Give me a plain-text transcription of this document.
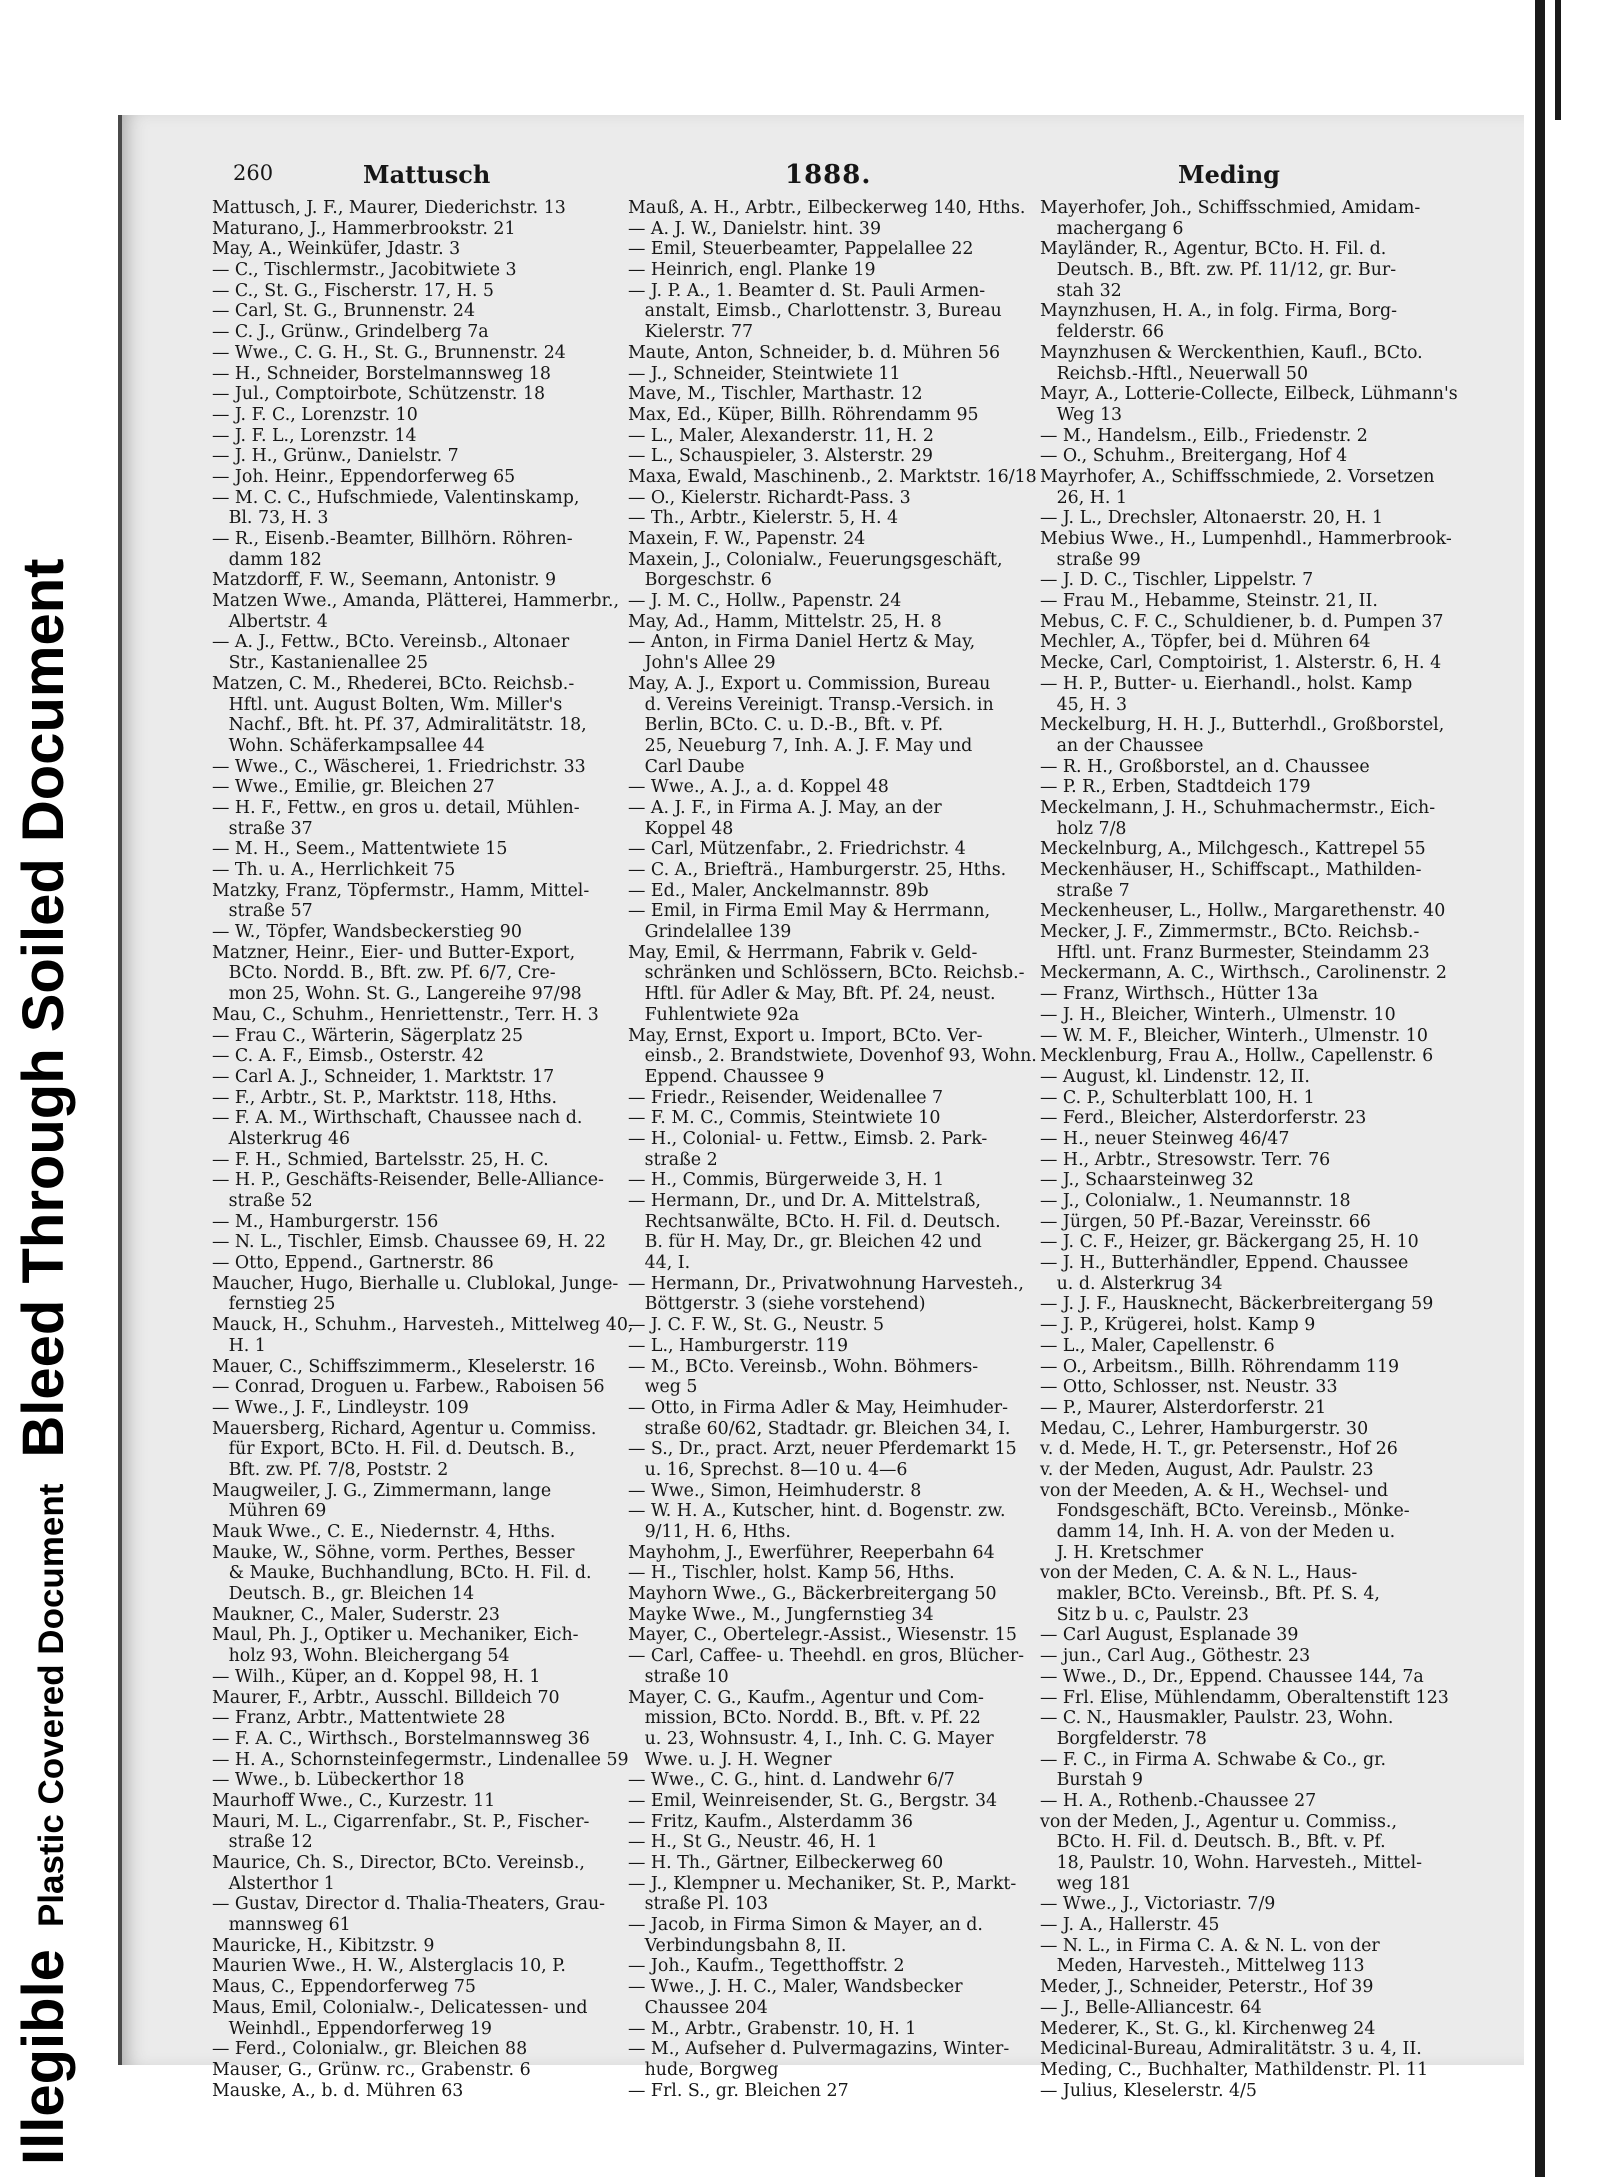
IllegiblePlastic Covered DocumentBleed Through Soiled Document
260	Mattusch	1888.	Meding
Mattusch, J. F., Maurer, Diederichstr. 13
Maturano, J., Hammerbrookstr. 21
May, A., Weinküfer, Jdastr. 3
— C., Tischlermstr., Jacobitwiete 3
— C., St. G., Fischerstr. 17, H. 5
— Carl, St. G., Brunnenstr. 24
— C. J., Grünw., Grindelberg 7a
— Wwe., C. G. H., St. G., Brunnenstr. 24
— H., Schneider, Borstelmannsweg 18
— Jul., Comptoirbote, Schützenstr. 18
— J. F. C., Lorenzstr. 10
— J. F. L., Lorenzstr. 14
— J. H., Grünw., Danielstr. 7
— Joh. Heinr., Eppendorferweg 65
— M. C. C., Hufschmiede, Valentinskamp,
Bl. 73, H. 3
— R., Eisenb.-Beamter, Billhörn. Röhren-
damm 182
Matzdorff, F. W., Seemann, Antonistr. 9
Matzen Wwe., Amanda, Plätterei, Hammerbr.,
Albertstr. 4
— A. J., Fettw., BCto. Vereinsb., Altonaer
Str., Kastanienallee 25
Matzen, C. M., Rhederei, BCto. Reichsb.-
Hftl. unt. August Bolten, Wm. Miller's
Nachf., Bft. ht. Pf. 37, Admiralitätstr. 18,
Wohn. Schäferkampsallee 44
— Wwe., C., Wäscherei, 1. Friedrichstr. 33
— Wwe., Emilie, gr. Bleichen 27
— H. F., Fettw., en gros u. detail, Mühlen-
straße 37
— M. H., Seem., Mattentwiete 15
— Th. u. A., Herrlichkeit 75
Matzky, Franz, Töpfermstr., Hamm, Mittel-
straße 57
— W., Töpfer, Wandsbeckerstieg 90
Matzner, Heinr., Eier- und Butter-Export,
BCto. Nordd. B., Bft. zw. Pf. 6/7, Cre-
mon 25, Wohn. St. G., Langereihe 97/98
Mau, C., Schuhm., Henriettenstr., Terr. H. 3
— Frau C., Wärterin, Sägerplatz 25
— C. A. F., Eimsb., Osterstr. 42
— Carl A. J., Schneider, 1. Marktstr. 17
— F., Arbtr., St. P., Marktstr. 118, Hths.
— F. A. M., Wirthschaft, Chaussee nach d.
Alsterkrug 46
— F. H., Schmied, Bartelsstr. 25, H. C.
— H. P., Geschäfts-Reisender, Belle-Alliance-
straße 52
— M., Hamburgerstr. 156
— N. L., Tischler, Eimsb. Chaussee 69, H. 22
— Otto, Eppend., Gartnerstr. 86
Maucher, Hugo, Bierhalle u. Clublokal, Junge-
fernstieg 25
Mauck, H., Schuhm., Harvesteh., Mittelweg 40,
H. 1
Mauer, C., Schiffszimmerm., Kleselerstr. 16
— Conrad, Droguen u. Farbew., Raboisen 56
— Wwe., J. F., Lindleystr. 109
Mauersberg, Richard, Agentur u. Commiss.
für Export, BCto. H. Fil. d. Deutsch. B.,
Bft. zw. Pf. 7/8, Poststr. 2
Maugweiler, J. G., Zimmermann, lange
Mühren 69
Mauk Wwe., C. E., Niedernstr. 4, Hths.
Mauke, W., Söhne, vorm. Perthes, Besser
& Mauke, Buchhandlung, BCto. H. Fil. d.
Deutsch. B., gr. Bleichen 14
Maukner, C., Maler, Suderstr. 23
Maul, Ph. J., Optiker u. Mechaniker, Eich-
holz 93, Wohn. Bleichergang 54
— Wilh., Küper, an d. Koppel 98, H. 1
Maurer, F., Arbtr., Ausschl. Billdeich 70
— Franz, Arbtr., Mattentwiete 28
— F. A. C., Wirthsch., Borstelmannsweg 36
— H. A., Schornsteinfegermstr., Lindenallee 59
— Wwe., b. Lübeckerthor 18
Maurhoff Wwe., C., Kurzestr. 11
Mauri, M. L., Cigarrenfabr., St. P., Fischer-
straße 12
Maurice, Ch. S., Director, BCto. Vereinsb.,
Alsterthor 1
— Gustav, Director d. Thalia-Theaters, Grau-
mannsweg 61
Mauricke, H., Kibitzstr. 9
Maurien Wwe., H. W., Alsterglacis 10, P.
Maus, C., Eppendorferweg 75
Maus, Emil, Colonialw.-, Delicatessen- und
Weinhdl., Eppendorferweg 19
— Ferd., Colonialw., gr. Bleichen 88
Mauser, G., Grünw. rc., Grabenstr. 6
Mauske, A., b. d. Mühren 63
Mauß, A. H., Arbtr., Eilbeckerweg 140, Hths.
— A. J. W., Danielstr. hint. 39
— Emil, Steuerbeamter, Pappelallee 22
— Heinrich, engl. Planke 19
— J. P. A., 1. Beamter d. St. Pauli Armen-
anstalt, Eimsb., Charlottenstr. 3, Bureau
Kielerstr. 77
Maute, Anton, Schneider, b. d. Mühren 56
— J., Schneider, Steintwiete 11
Mave, M., Tischler, Marthastr. 12
Max, Ed., Küper, Billh. Röhrendamm 95
— L., Maler, Alexanderstr. 11, H. 2
— L., Schauspieler, 3. Alsterstr. 29
Maxa, Ewald, Maschinenb., 2. Marktstr. 16/18
— O., Kielerstr. Richardt-Pass. 3
— Th., Arbtr., Kielerstr. 5, H. 4
Maxein, F. W., Papenstr. 24
Maxein, J., Colonialw., Feuerungsgeschäft,
Borgeschstr. 6
— J. M. C., Hollw., Papenstr. 24
May, Ad., Hamm, Mittelstr. 25, H. 8
— Anton, in Firma Daniel Hertz & May,
John's Allee 29
May, A. J., Export u. Commission, Bureau
d. Vereins Vereinigt. Transp.-Versich. in
Berlin, BCto. C. u. D.-B., Bft. v. Pf.
25, Neueburg 7, Inh. A. J. F. May und
Carl Daube
— Wwe., A. J., a. d. Koppel 48
— A. J. F., in Firma A. J. May, an der
Koppel 48
— Carl, Mützenfabr., 2. Friedrichstr. 4
— C. A., Briefträ., Hamburgerstr. 25, Hths.
— Ed., Maler, Anckelmannstr. 89b
— Emil, in Firma Emil May & Herrmann,
Grindelallee 139
May, Emil, & Herrmann, Fabrik v. Geld-
schränken und Schlössern, BCto. Reichsb.-
Hftl. für Adler & May, Bft. Pf. 24, neust.
Fuhlentwiete 92a
May, Ernst, Export u. Import, BCto. Ver-
einsb., 2. Brandstwiete, Dovenhof 93, Wohn.
Eppend. Chaussee 9
— Friedr., Reisender, Weidenallee 7
— F. M. C., Commis, Steintwiete 10
— H., Colonial- u. Fettw., Eimsb. 2. Park-
straße 2
— H., Commis, Bürgerweide 3, H. 1
— Hermann, Dr., und Dr. A. Mittelstraß,
Rechtsanwälte, BCto. H. Fil. d. Deutsch.
B. für H. May, Dr., gr. Bleichen 42 und
44, I.
— Hermann, Dr., Privatwohnung Harvesteh.,
Böttgerstr. 3 (siehe vorstehend)
— J. C. F. W., St. G., Neustr. 5
— L., Hamburgerstr. 119
— M., BCto. Vereinsb., Wohn. Böhmers-
weg 5
— Otto, in Firma Adler & May, Heimhuder-
straße 60/62, Stadtadr. gr. Bleichen 34, I.
— S., Dr., pract. Arzt, neuer Pferdemarkt 15
u. 16, Sprechst. 8—10 u. 4—6
— Wwe., Simon, Heimhuderstr. 8
— W. H. A., Kutscher, hint. d. Bogenstr. zw.
9/11, H. 6, Hths.
Mayhohm, J., Ewerführer, Reeperbahn 64
— H., Tischler, holst. Kamp 56, Hths.
Mayhorn Wwe., G., Bäckerbreitergang 50
Mayke Wwe., M., Jungfernstieg 34
Mayer, C., Obertelegr.-Assist., Wiesenstr. 15
— Carl, Caffee- u. Theehdl. en gros, Blücher-
straße 10
Mayer, C. G., Kaufm., Agentur und Com-
mission, BCto. Nordd. B., Bft. v. Pf. 22
u. 23, Wohnsustr. 4, I., Inh. C. G. Mayer
Wwe. u. J. H. Wegner
— Wwe., C. G., hint. d. Landwehr 6/7
— Emil, Weinreisender, St. G., Bergstr. 34
— Fritz, Kaufm., Alsterdamm 36
— H., St G., Neustr. 46, H. 1
— H. Th., Gärtner, Eilbeckerweg 60
— J., Klempner u. Mechaniker, St. P., Markt-
straße Pl. 103
— Jacob, in Firma Simon & Mayer, an d.
Verbindungsbahn 8, II.
— Joh., Kaufm., Tegetthoffstr. 2
— Wwe., J. H. C., Maler, Wandsbecker
Chaussee 204
— M., Arbtr., Grabenstr. 10, H. 1
— M., Aufseher d. Pulvermagazins, Winter-
hude, Borgweg
— Frl. S., gr. Bleichen 27
Mayerhofer, Joh., Schiffsschmied, Amidam-
machergang 6
Mayländer, R., Agentur, BCto. H. Fil. d.
Deutsch. B., Bft. zw. Pf. 11/12, gr. Bur-
stah 32
Maynzhusen, H. A., in folg. Firma, Borg-
felderstr. 66
Maynzhusen & Werckenthien, Kaufl., BCto.
Reichsb.-Hftl., Neuerwall 50
Mayr, A., Lotterie-Collecte, Eilbeck, Lühmann's
Weg 13
— M., Handelsm., Eilb., Friedenstr. 2
— O., Schuhm., Breitergang, Hof 4
Mayrhofer, A., Schiffsschmiede, 2. Vorsetzen
26, H. 1
— J. L., Drechsler, Altonaerstr. 20, H. 1
Mebius Wwe., H., Lumpenhdl., Hammerbrook-
straße 99
— J. D. C., Tischler, Lippelstr. 7
— Frau M., Hebamme, Steinstr. 21, II.
Mebus, C. F. C., Schuldiener, b. d. Pumpen 37
Mechler, A., Töpfer, bei d. Mühren 64
Mecke, Carl, Comptoirist, 1. Alsterstr. 6, H. 4
— H. P., Butter- u. Eierhandl., holst. Kamp
45, H. 3
Meckelburg, H. H. J., Butterhdl., Großborstel,
an der Chaussee
— R. H., Großborstel, an d. Chaussee
— P. R., Erben, Stadtdeich 179
Meckelmann, J. H., Schuhmachermstr., Eich-
holz 7/8
Meckelnburg, A., Milchgesch., Kattrepel 55
Meckenhäuser, H., Schiffscapt., Mathilden-
straße 7
Meckenheuser, L., Hollw., Margarethenstr. 40
Mecker, J. F., Zimmermstr., BCto. Reichsb.-
Hftl. unt. Franz Burmester, Steindamm 23
Meckermann, A. C., Wirthsch., Carolinenstr. 2
— Franz, Wirthsch., Hütter 13a
— J. H., Bleicher, Winterh., Ulmenstr. 10
— W. M. F., Bleicher, Winterh., Ulmenstr. 10
Mecklenburg, Frau A., Hollw., Capellenstr. 6
— August, kl. Lindenstr. 12, II.
— C. P., Schulterblatt 100, H. 1
— Ferd., Bleicher, Alsterdorferstr. 23
— H., neuer Steinweg 46/47
— H., Arbtr., Stresowstr. Terr. 76
— J., Schaarsteinweg 32
— J., Colonialw., 1. Neumannstr. 18
— Jürgen, 50 Pf.-Bazar, Vereinsstr. 66
— J. C. F., Heizer, gr. Bäckergang 25, H. 10
— J. H., Butterhändler, Eppend. Chaussee
u. d. Alsterkrug 34
— J. J. F., Hausknecht, Bäckerbreitergang 59
— J. P., Krügerei, holst. Kamp 9
— L., Maler, Capellenstr. 6
— O., Arbeitsm., Billh. Röhrendamm 119
— Otto, Schlosser, nst. Neustr. 33
— P., Maurer, Alsterdorferstr. 21
Medau, C., Lehrer, Hamburgerstr. 30
v. d. Mede, H. T., gr. Petersenstr., Hof 26
v. der Meden, August, Adr. Paulstr. 23
von der Meeden, A. & H., Wechsel- und
Fondsgeschäft, BCto. Vereinsb., Mönke-
damm 14, Inh. H. A. von der Meden u.
J. H. Kretschmer
von der Meden, C. A. & N. L., Haus-
makler, BCto. Vereinsb., Bft. Pf. S. 4,
Sitz b u. c, Paulstr. 23
— Carl August, Esplanade 39
— jun., Carl Aug., Göthestr. 23
— Wwe., D., Dr., Eppend. Chaussee 144, 7a
— Frl. Elise, Mühlendamm, Oberaltenstift 123
— C. N., Hausmakler, Paulstr. 23, Wohn.
Borgfelderstr. 78
— F. C., in Firma A. Schwabe & Co., gr.
Burstah 9
— H. A., Rothenb.-Chaussee 27
von der Meden, J., Agentur u. Commiss.,
BCto. H. Fil. d. Deutsch. B., Bft. v. Pf.
18, Paulstr. 10, Wohn. Harvesteh., Mittel-
weg 181
— Wwe., J., Victoriastr. 7/9
— J. A., Hallerstr. 45
— N. L., in Firma C. A. & N. L. von der
Meden, Harvesteh., Mittelweg 113
Meder, J., Schneider, Peterstr., Hof 39
— J., Belle-Alliancestr. 64
Mederer, K., St. G., kl. Kirchenweg 24
Medicinal-Bureau, Admiralitätstr. 3 u. 4, II.
Meding, C., Buchhalter, Mathildenstr. Pl. 11
— Julius, Kleselerstr. 4/5
